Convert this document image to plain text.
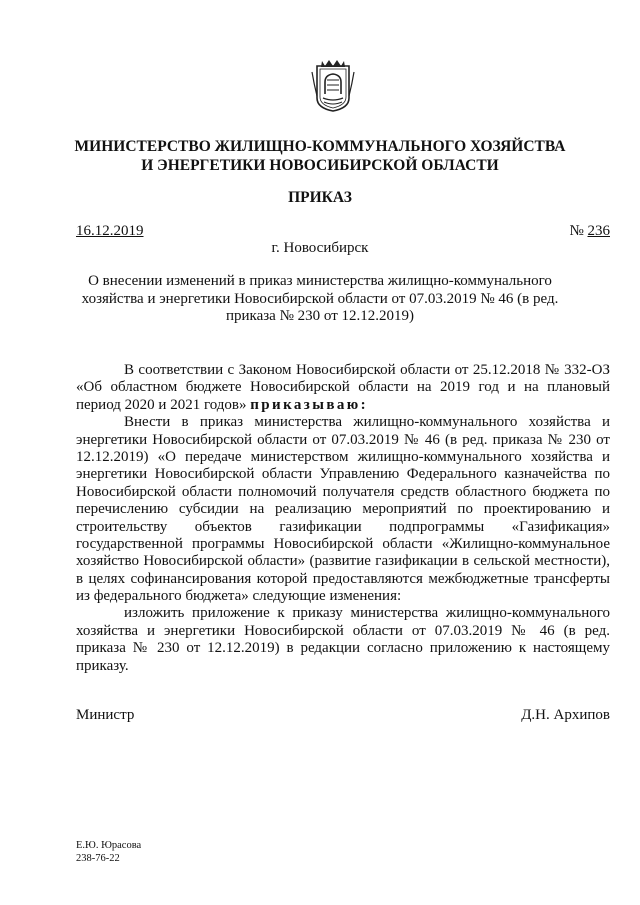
МИНИСТЕРСТВО ЖИЛИЩНО-КОММУНАЛЬНОГО ХОЗЯЙСТВА
И ЭНЕРГЕТИКИ НОВОСИБИРСКОЙ ОБЛАСТИ
ПРИКАЗ
16.12.2019	№ 236
г. Новосибирск
О внесении изменений в приказ министерства жилищно-коммунального
хозяйства и энергетики Новосибирской области от 07.03.2019 № 46 (в ред.
приказа № 230 от 12.12.2019)
В соответствии с Законом Новосибирской области от 25.12.2018 № 332-ОЗ
«Об областном бюджете Новосибирской области на 2019 год и на плановый
период 2020 и 2021 годов» приказываю:
Внести в приказ министерства жилищно-коммунального хозяйства и
энергетики Новосибирской области от 07.03.2019 № 46 (в ред. приказа № 230 от
12.12.2019) «О передаче министерством жилищно-коммунального хозяйства и
энергетики Новосибирской области Управлению Федерального казначейства по
Новосибирской области полномочий получателя средств областного бюджета по
перечислению субсидии на реализацию мероприятий по проектированию и
строительству объектов газификации подпрограммы «Газификация»
государственной программы Новосибирской области «Жилищно-коммунальное
хозяйство Новосибирской области» (развитие газификации в сельской местности),
в целях софинансирования которой предоставляются межбюджетные трансферты
из федерального бюджета» следующие изменения:
изложить приложение к приказу министерства жилищно-коммунального
хозяйства и энергетики Новосибирской области от 07.03.2019 № 46 (в ред.
приказа № 230 от 12.12.2019) в редакции согласно приложению к настоящему
приказу.
Министр	Д.Н. Архипов
Е.Ю. Юрасова
238-76-22
